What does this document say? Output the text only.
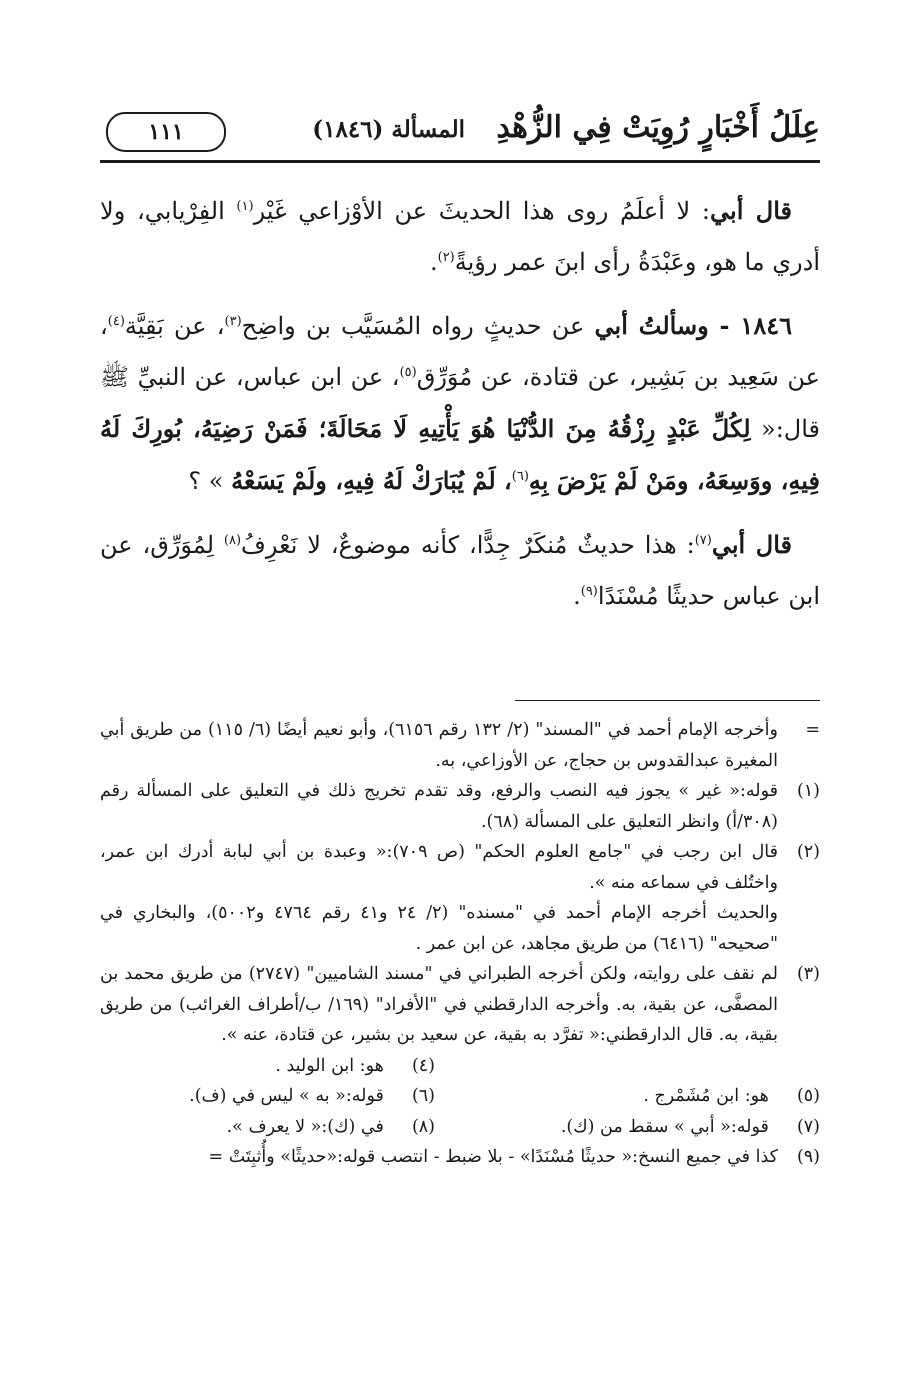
عِلَلُ أَخْبَارٍ رُوِيَتْ فِي الزُّهْدِ
المسألة (١٨٤٦)
١١١

قال أبي: لا أعلَمُ روى هذا الحديثَ عن الأوْزاعي غَيْر$^{(١)}$ الفِرْيابي، ولا أدري ما هو، وعَبْدَةُ رأى ابنَ عمر رؤيةً$^{(٢)}$.

١٨٤٦ - وسألتُ أبي عن حديثٍ رواه المُسَيَّب بن واضِح$^{(٣)}$، عن بَقِيَّة$^{(٤)}$، عن سَعِيد بن بَشِير، عن قتادة، عن مُوَرِّق$^{(٥)}$، عن ابن عباس، عن النبيِّ ﷺ قال:« لِكُلِّ عَبْدٍ رِزْقُهُ مِنَ الدُّنْيَا هُوَ يَأْتِيهِ لَا مَحَالَةَ؛ فَمَنْ رَضِيَهُ، بُورِكَ لَهُ فِيهِ، ووَسِعَهُ، ومَنْ لَمْ يَرْضَ بِهِ$^{(٦)}$، لَمْ يُبَارَكْ لَهُ فِيهِ، ولَمْ يَسَعْهُ » ؟

قال أبي$^{(٧)}$: هذا حديثٌ مُنكَرٌ جِدًّا، كأنه موضوعٌ، لا نَعْرِفُ$^{(٨)}$ لِمُوَرِّق، عن ابن عباس حديثًا مُسْنَدًا$^{(٩)}$.

=
وأخرجه الإمام أحمد في "المسند" (٢/ ١٣٢ رقم ٦١٥٦)، وأبو نعيم أيضًا (٦/ ١١٥) من طريق أبي المغيرة عبدالقدوس بن حجاج، عن الأوزاعي، به.
(١)
قوله:« غير » يجوز فيه النصب والرفع، وقد تقدم تخريج ذلك في التعليق على المسألة رقم (٣٠٨/أ) وانظر التعليق على المسألة (٦٨).
(٢)
قال ابن رجب في "جامع العلوم الحكم" (ص ٧٠٩):« وعبدة بن أبي لبابة أدرك ابن عمر، واختُلف في سماعه منه ».
والحديث أخرجه الإمام أحمد في "مسنده" (٢/ ٢٤ و٤١ رقم ٤٧٦٤ و٥٠٠٢)، والبخاري في "صحيحه" (٦٤١٦) من طريق مجاهد، عن ابن عمر .
(٣)
لم نقف على روايته، ولكن أخرجه الطبراني في "مسند الشاميين" (٢٧٤٧) من طريق محمد بن المصفَّى، عن بقية، به. وأخرجه الدارقطني في "الأفراد" (١٦٩/ ب/أطراف الغرائب) من طريق بقية، به. قال الدارقطني:« تفرَّد به بقية، عن سعيد بن بشير، عن قتادة، عنه ».
(٤)  هو: ابن الوليد .
(٥)  هو: ابن مُشَمْرج .
(٦)  قوله:« به » ليس في (ف).
(٧)  قوله:« أبي » سقط من (ك).
(٨)  في (ك):« لا يعرف ».
(٩)
كذا في جميع النسخ:« حديثًا مُسْنَدًا» - بلا ضبط - انتصب قوله:«حديثًا» وأُثبِتَتْ =
